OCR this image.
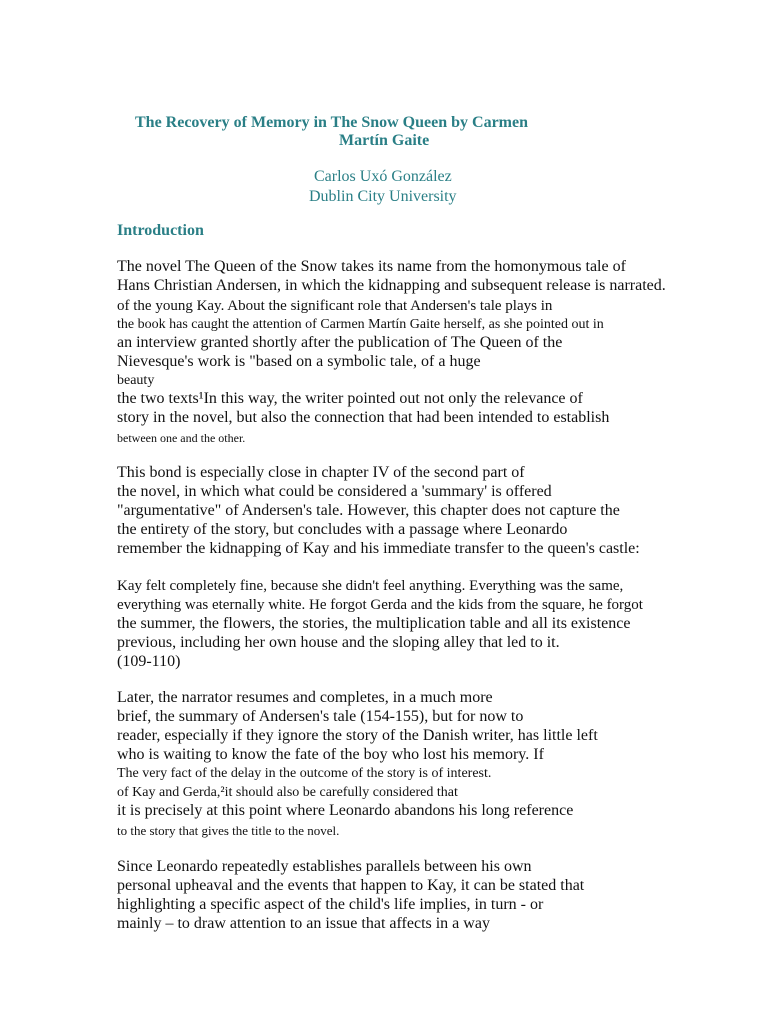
The Recovery of Memory in The Snow Queen by Carmen
Martín Gaite
Carlos Uxó González
Dublin City University
Introduction
The novel The Queen of the Snow takes its name from the homonymous tale of
Hans Christian Andersen, in which the kidnapping and subsequent release is narrated.
of the young Kay. About the significant role that Andersen's tale plays in
the book has caught the attention of Carmen Martín Gaite herself, as she pointed out in
an interview granted shortly after the publication of The Queen of the
Nievesque's work is "based on a symbolic tale, of a huge
beauty
the two texts¹In this way, the writer pointed out not only the relevance of
story in the novel, but also the connection that had been intended to establish
between one and the other.
This bond is especially close in chapter IV of the second part of
the novel, in which what could be considered a 'summary' is offered
"argumentative" of Andersen's tale. However, this chapter does not capture the
the entirety of the story, but concludes with a passage where Leonardo
remember the kidnapping of Kay and his immediate transfer to the queen's castle:
Kay felt completely fine, because she didn't feel anything. Everything was the same,
everything was eternally white. He forgot Gerda and the kids from the square, he forgot
the summer, the flowers, the stories, the multiplication table and all its existence
previous, including her own house and the sloping alley that led to it.
(109-110)
Later, the narrator resumes and completes, in a much more
brief, the summary of Andersen's tale (154-155), but for now to
reader, especially if they ignore the story of the Danish writer, has little left
who is waiting to know the fate of the boy who lost his memory. If
The very fact of the delay in the outcome of the story is of interest.
of Kay and Gerda,²it should also be carefully considered that
it is precisely at this point where Leonardo abandons his long reference
to the story that gives the title to the novel.
Since Leonardo repeatedly establishes parallels between his own
personal upheaval and the events that happen to Kay, it can be stated that
highlighting a specific aspect of the child's life implies, in turn - or
mainly – to draw attention to an issue that affects in a way
